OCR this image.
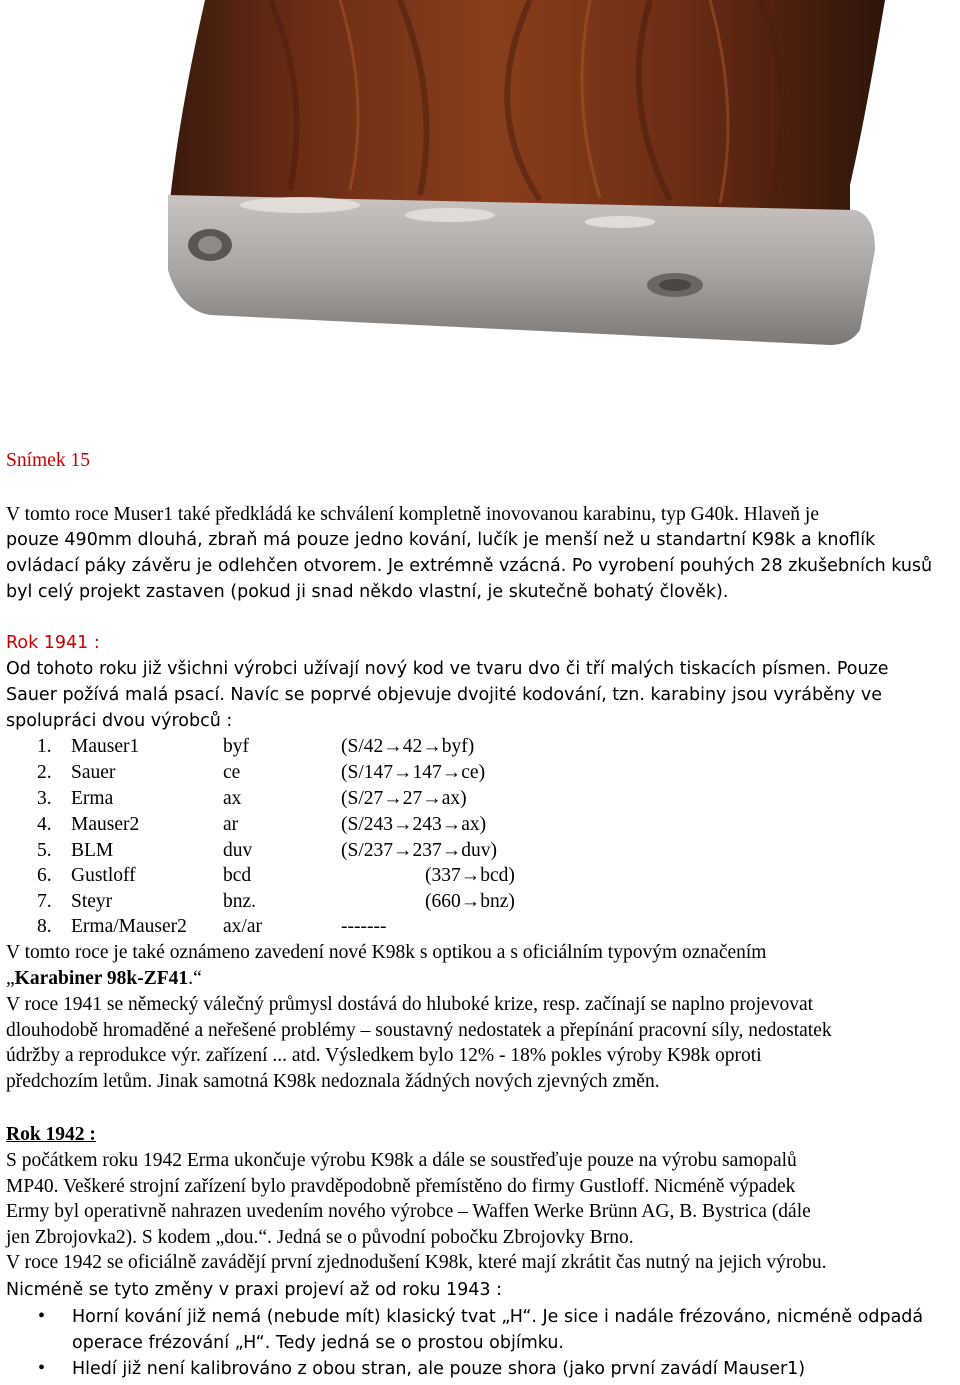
Snímek 15
V tomto roce Muser1 také předkládá ke schválení kompletně inovovanou karabinu, typ G40k. Hlaveň je
pouze 490mm dlouhá, zbraň má pouze jedno kování, lučík je menší než u standartní K98k a knoflík
ovládací páky závěru je odlehčen otvorem. Je extrémně vzácná. Po vyrobení pouhých 28 zkušebních kusů
byl celý projekt zastaven (pokud ji snad někdo vlastní, je skutečně bohatý člověk).
Rok 1941 :
Od tohoto roku již všichni výrobci užívají nový kod ve tvaru dvo či tří malých tiskacích písmen. Pouze
Sauer požívá malá psací. Navíc se poprvé objevuje dvojité kodování, tzn. karabiny jsou vyráběny ve
spolupráci dvou výrobců :
1. Mauser1	byf	(S/42→42→byf)
2. Sauer	ce	(S/147→147→ce)
3. Erma	ax	(S/27→27→ax)
4. Mauser2	ar	(S/243→243→ax)
5. BLM	duv	(S/237→237→duv)
6. Gustloff	bcd	(337→bcd)
7. Steyr	bnz.	(660→bnz)
8. Erma/Mauser2 ax/ar	-------
V tomto roce je také oznámeno zavedení nové K98k s optikou a s oficiálním typovým označením
„Karabiner 98k-ZF41.“
V roce 1941 se německý válečný průmysl dostává do hluboké krize, resp. začínají se naplno projevovat
dlouhodobě hromaděné a neřešené problémy – soustavný nedostatek a přepínání pracovní síly, nedostatek
údržby a reprodukce výr. zařízení ... atd. Výsledkem bylo 12% - 18% pokles výroby K98k oproti
předchozím letům. Jinak samotná K98k nedoznala žádných nových zjevných změn.
Rok 1942 :
S počátkem roku 1942 Erma ukončuje výrobu K98k a dále se soustřeďuje pouze na výrobu samopalů
MP40. Veškeré strojní zařízení bylo pravděpodobně přemístěno do firmy Gustloff. Nicméně výpadek
Ermy byl operativně nahrazen uvedením nového výrobce – Waffen Werke Brünn AG, B. Bystrica (dále
jen Zbrojovka2). S kodem „dou.“. Jedná se o původní pobočku Zbrojovky Brno.
V roce 1942 se oficiálně zavádějí první zjednodušení K98k, které mají zkrátit čas nutný na jejich výrobu.
Nicméně se tyto změny v praxi projeví až od roku 1943 :
• Horní kování již nemá (nebude mít) klasický tvat „H“. Je sice i nadále frézováno, nicméně odpadá
operace frézování „H“. Tedy jedná se o prostou objímku.
• Hledí již není kalibrováno z obou stran, ale pouze shora (jako první zavádí Mauser1)
